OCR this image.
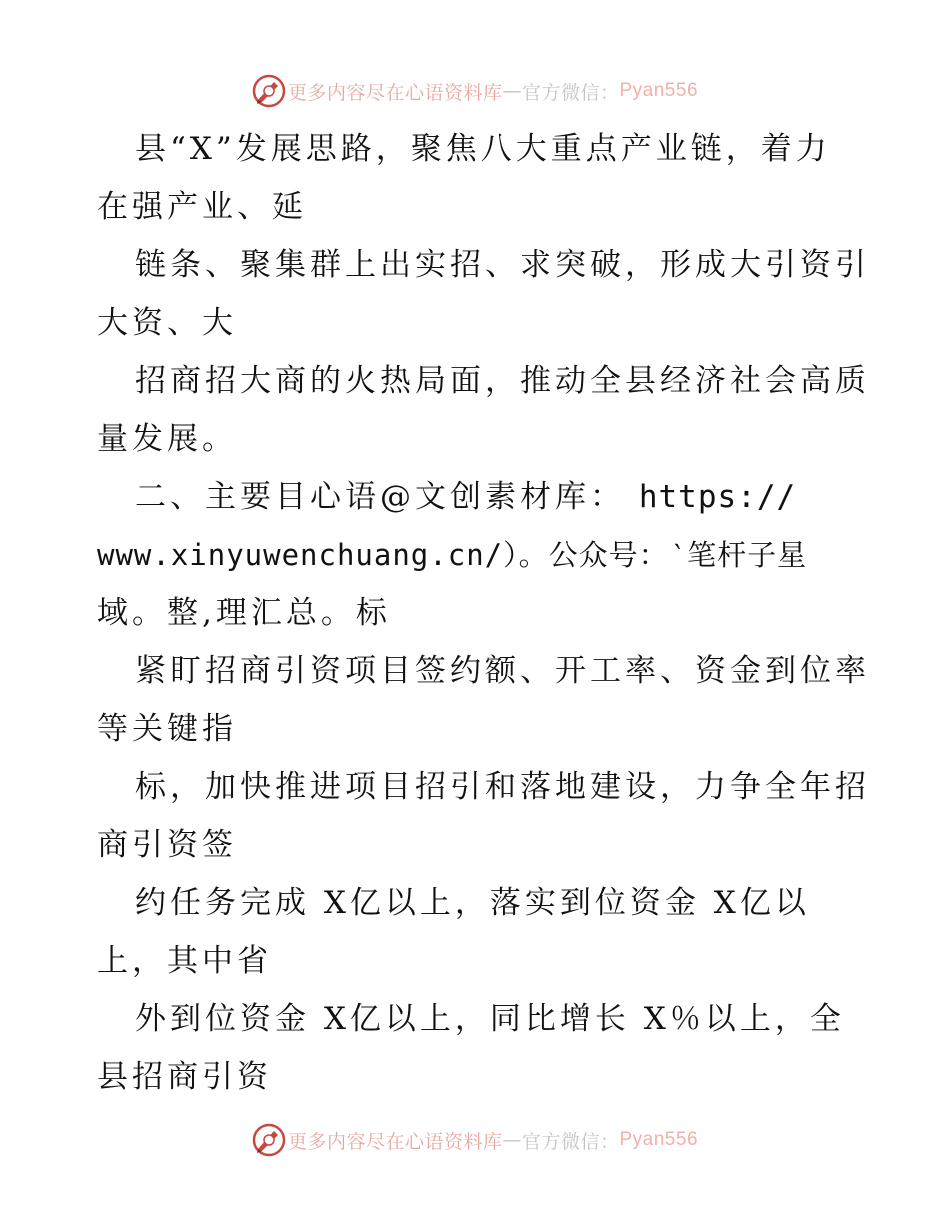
更多内容尽在心语资料库 — 官方微信： Pyan556
县“X”发展思路，聚焦八大重点产业链，着力
在强产业、延
链条、聚集群上出实招、求突破，形成大引资引
大资、大
招商招大商的火热局面，推动全县经济社会高质
量发展。
二、主要目心语@文创素材库： https://
www.xinyuwenchuang.cn/）。公众号：‵笔杆子星
域。整,理汇总。标
紧盯招商引资项目签约额、开工率、资金到位率
等关键指
标，加快推进项目招引和落地建设，力争全年招
商引资签
约任务完成 X亿以上，落实到位资金 X亿以
上，其中省
外到位资金 X亿以上，同比增长 X％以上，全
县招商引资
更多内容尽在心语资料库 — 官方微信： Pyan556
